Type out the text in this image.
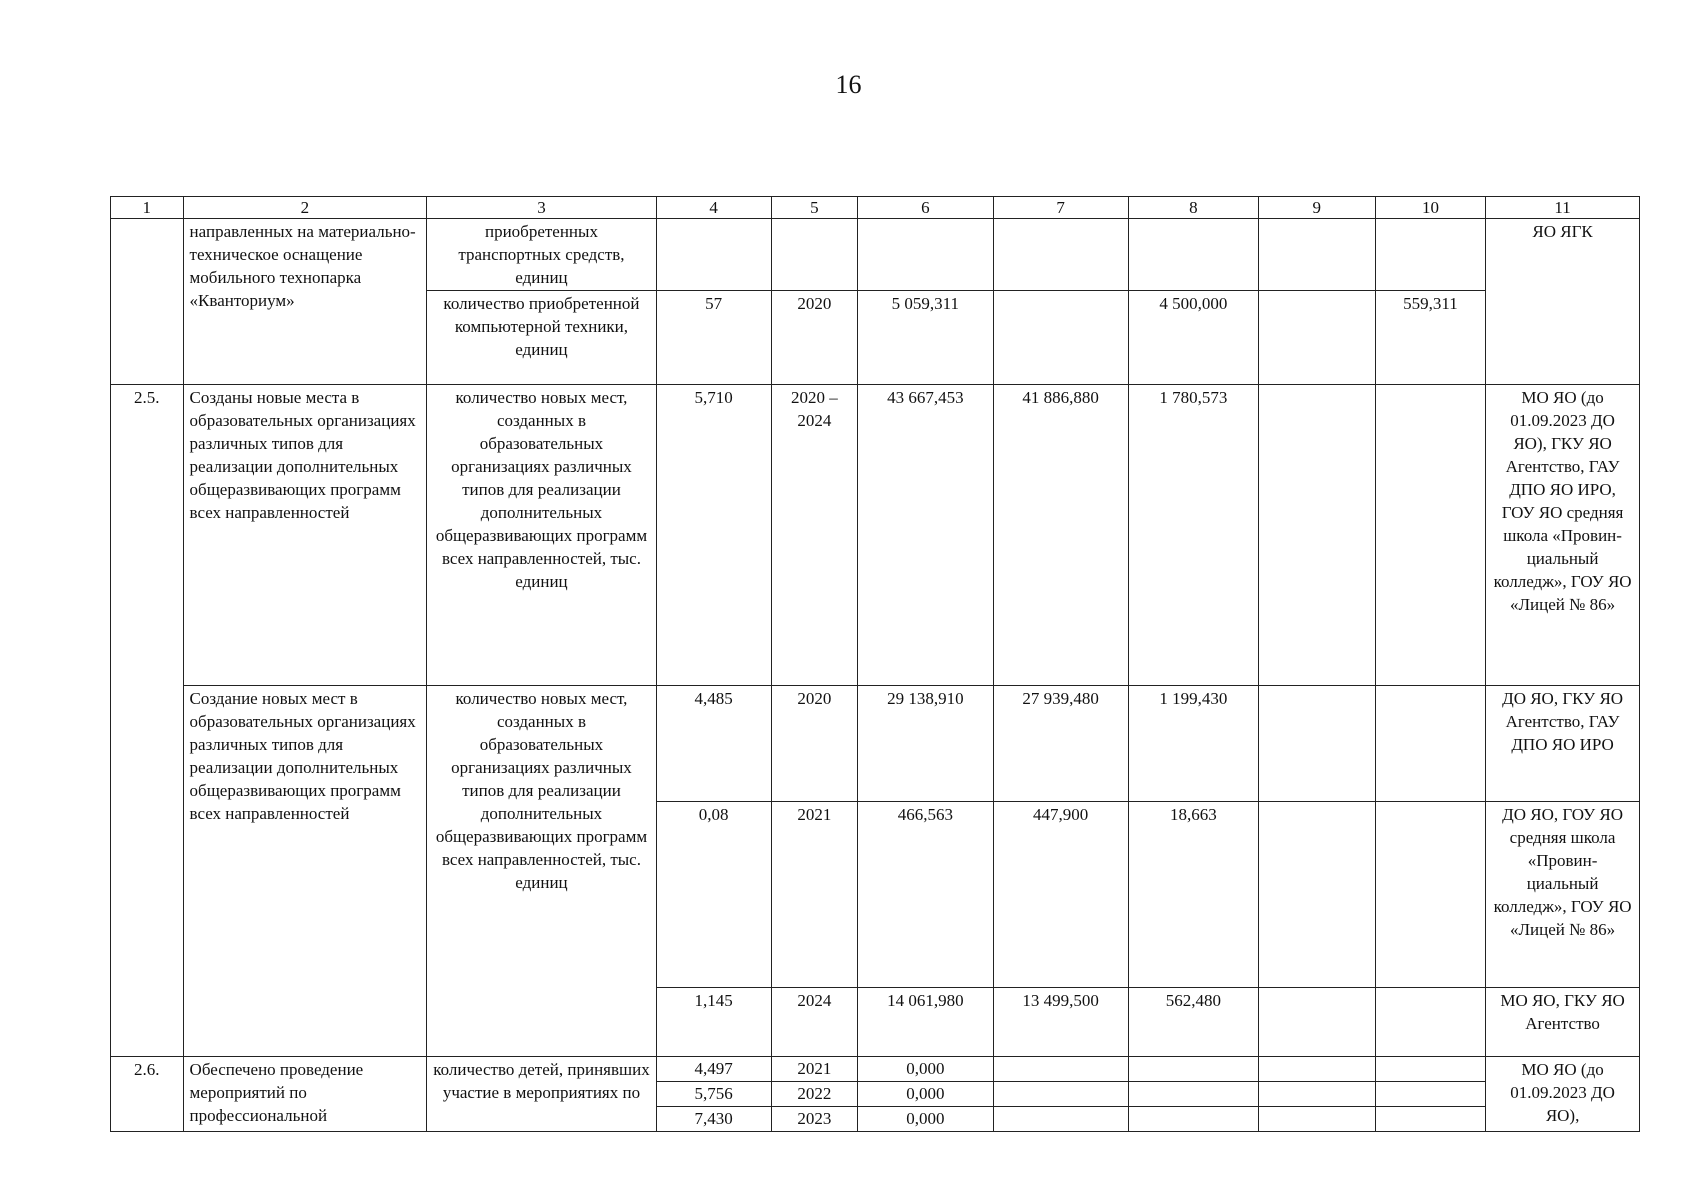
16
1	2	3	4	5	6	7	8	9	10	11
	направленных на материально-техническое оснащение мобильного технопарка «Кванториум»	приобретенных транспортных средств, единиц								ЯО ЯГК
		количество приобретенной компьютерной техники, единиц	57	2020	5 059,311		4 500,000		559,311	
2.5.	Созданы новые места в образовательных организациях различных типов для реализации дополнительных общеразвивающих программ всех направленностей	количество новых мест, созданных в образовательных организациях различных типов для реализации дополнительных общеразвивающих программ всех направленностей, тыс. единиц	5,710	2020 – 2024	43 667,453	41 886,880	1 780,573			МО ЯО (до 01.09.2023 ДО ЯО), ГКУ ЯО Агентство, ГАУ ДПО ЯО ИРО, ГОУ ЯО средняя школа «Провин-циальный колледж», ГОУ ЯО «Лицей № 86»
	Создание новых мест в образовательных организациях различных типов для реализации дополнительных общеразвивающих программ всех направленностей	количество новых мест, созданных в образовательных организациях различных типов для реализации дополнительных общеразвивающих программ всех направленностей, тыс. единиц	4,485	2020	29 138,910	27 939,480	1 199,430			ДО ЯО, ГКУ ЯО Агентство, ГАУ ДПО ЯО ИРО
			0,08	2021	466,563	447,900	18,663			ДО ЯО, ГОУ ЯО средняя школа «Провин-циальный колледж», ГОУ ЯО «Лицей № 86»
			1,145	2024	14 061,980	13 499,500	562,480			МО ЯО, ГКУ ЯО Агентство
2.6.	Обеспечено проведение мероприятий по профессиональной	количество детей, принявших участие в мероприятиях по	4,497	2021	0,000					МО ЯО (до 01.09.2023 ДО ЯО),
			5,756	2022	0,000					
			7,430	2023	0,000					
